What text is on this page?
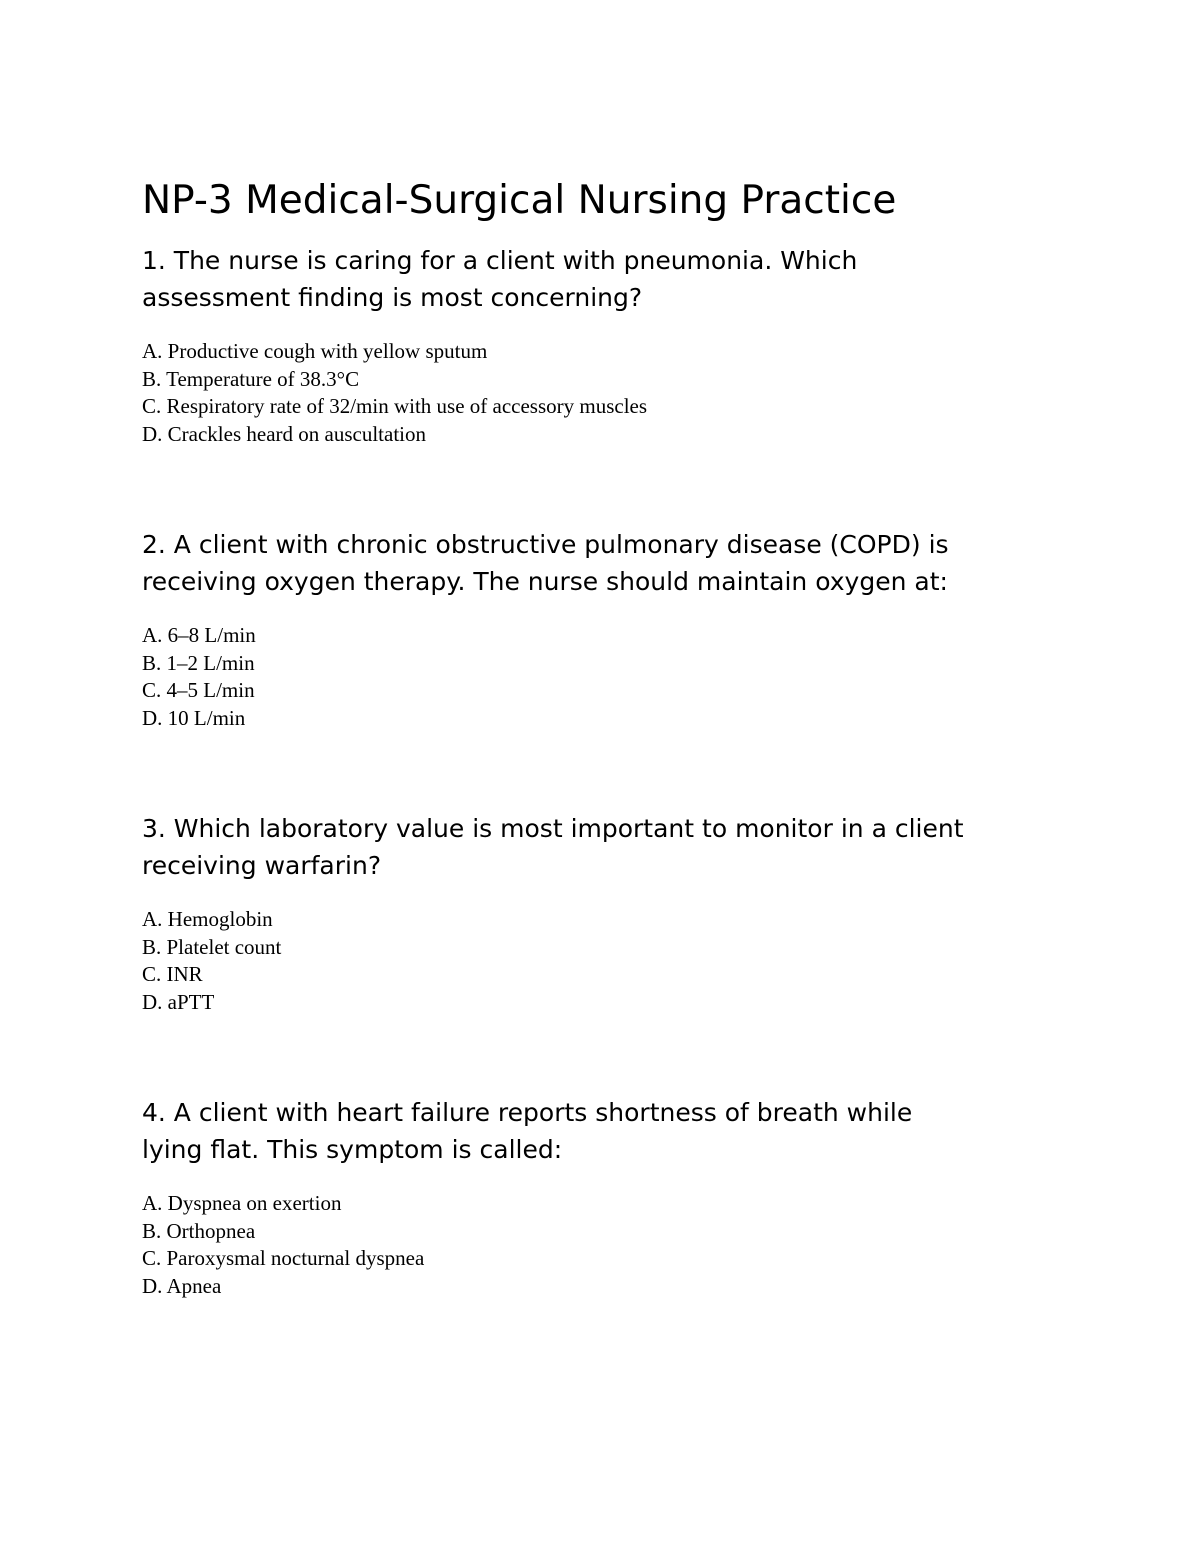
NP-3 Medical-Surgical Nursing Practice

1. The nurse is caring for a client with pneumonia. Which
assessment finding is most concerning?

A. Productive cough with yellow sputum
B. Temperature of 38.3°C
C. Respiratory rate of 32/min with use of accessory muscles
D. Crackles heard on auscultation

2. A client with chronic obstructive pulmonary disease (COPD) is
receiving oxygen therapy. The nurse should maintain oxygen at:

A. 6–8 L/min
B. 1–2 L/min
C. 4–5 L/min
D. 10 L/min

3. Which laboratory value is most important to monitor in a client
receiving warfarin?

A. Hemoglobin
B. Platelet count
C. INR
D. aPTT

4. A client with heart failure reports shortness of breath while
lying flat. This symptom is called:

A. Dyspnea on exertion
B. Orthopnea
C. Paroxysmal nocturnal dyspnea
D. Apnea
